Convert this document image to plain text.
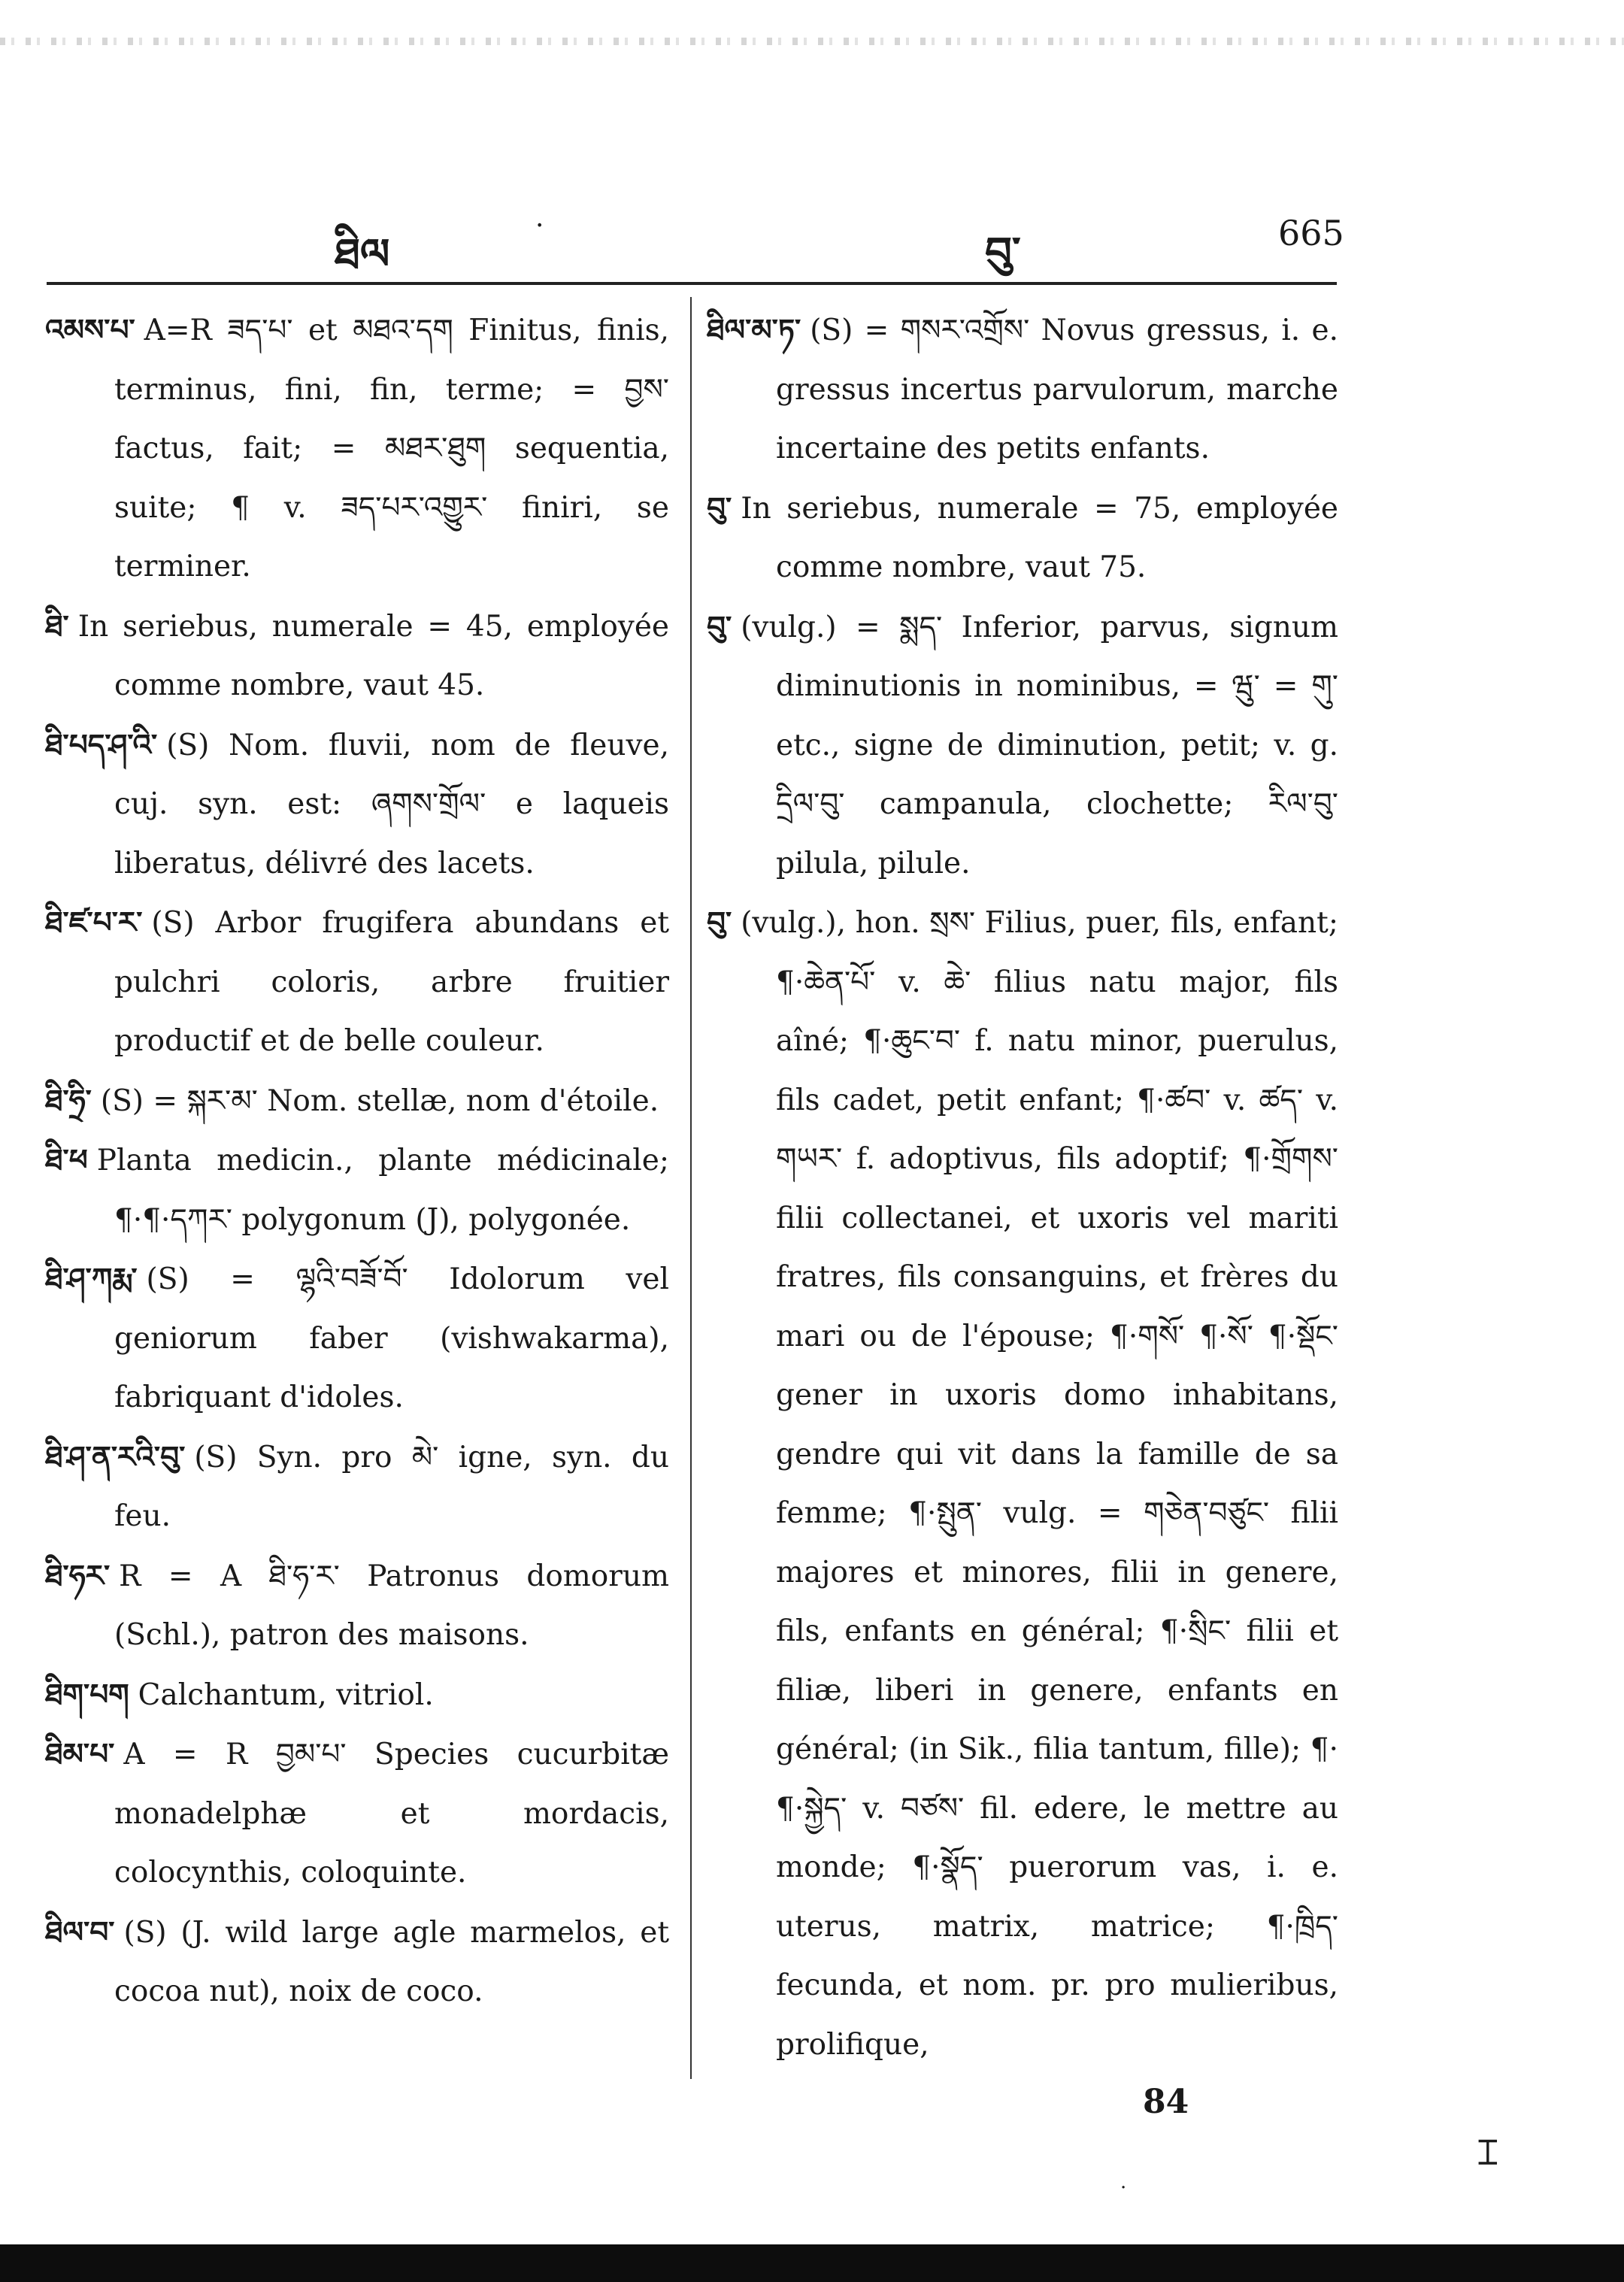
ཐིལ
·
བུ་	665
འམས་པ་ A=R ཟད་པ་ et མཐའ་དག Finitus, finis, terminus, fini, fin, terme; = བྱས་ factus, fait; = མཐར་ཐུག sequentia, suite; ¶ v. ཟད་པར་འགྱུར་ finiri, se terminer.
ཐི་ In seriebus, numerale = 45, employée comme nombre, vaut 45.
ཐི་པད་ཤ་འི་ (S) Nom. fluvii, nom de fleuve, cuj. syn. est: ཞགས་གྲོལ་ e laqueis liberatus, délivré des lacets.
ཐི་ཛ་པ་ར་ (S) Arbor frugifera abundans et pulchri coloris, arbre fruitier productif et de belle couleur.
ཐི་ཧྲི་ (S) = སྐར་མ་ Nom. stellæ, nom d'étoile.
ཐི་ཕ Planta medicin., plante médicinale; ¶·¶·དཀར་ polygonum (J), polygonée.
ཐི་ཤ་ཀརྨ་ (S) = ལྷའི་བཟོ་བོ་ Idolorum vel geniorum faber (vishwakarma), fabriquant d'idoles.
ཐི་ཤ་ན་རའི་བུ་ (S) Syn. pro མེ་ igne, syn. du feu.
ཐི་ཧར་ R = A ཐི་ཧ་ར་ Patronus domorum (Schl.), patron des maisons.
ཐིག་པག Calchantum, vitriol.
ཐིམ་པ་ A = R བྱམ་པ་ Species cucurbitæ monadelphæ et mordacis, colocynthis, coloquinte.
ཐིལ་བ་ (S) (J. wild large agle marmelos, et cocoa nut), noix de coco.
ཐིལ་མ་ཏ་ (S) = གསར་འགྲོས་ Novus gressus, i. e. gressus incertus parvulorum, marche incertaine des petits enfants.
བུ་ In seriebus, numerale = 75, employée comme nombre, vaut 75.
བུ་ (vulg.) = སྨད་ Inferior, parvus, signum diminutionis in nominibus, = ཝུ་ = གུ་ etc., signe de diminution, petit; v. g. དྲིལ་བུ་ campanula, clochette; རིལ་བུ་ pilula, pilule.
བུ་ (vulg.), hon. སྲས་ Filius, puer, fils, enfant; ¶·ཆེན་པོ་ v. ཆེ་ filius natu major, fils aîné; ¶·ཆུང་བ་ f. natu minor, puerulus, fils cadet, petit enfant; ¶·ཚབ་ v. ཚད་ v. གཡར་ f. adoptivus, fils adoptif; ¶·གྲོགས་ filii collectanei, et uxoris vel mariti fratres, fils consanguins, et frères du mari ou de l'épouse; ¶·གསོ་ ¶·སོ་ ¶·སྡོང་ gener in uxoris domo inhabitans, gendre qui vit dans la famille de sa femme; ¶·སྤུན་ vulg. = གཅེན་བཙུང་ filii majores et minores, filii in genere, fils, enfants en général; ¶·སྲིང་ filii et filiæ, liberi in genere, enfants en général; (in Sik., filia tantum, fille); ¶· ¶·སྐྱེད་ v. བཙས་ fil. edere, le mettre au monde; ¶·སྣོད་ puerorum vas, i. e. uterus, matrix, matrice; ¶·ཁྲིད་ fecunda, et nom. pr. pro mulieribus, prolifique,
84
⌶
·
